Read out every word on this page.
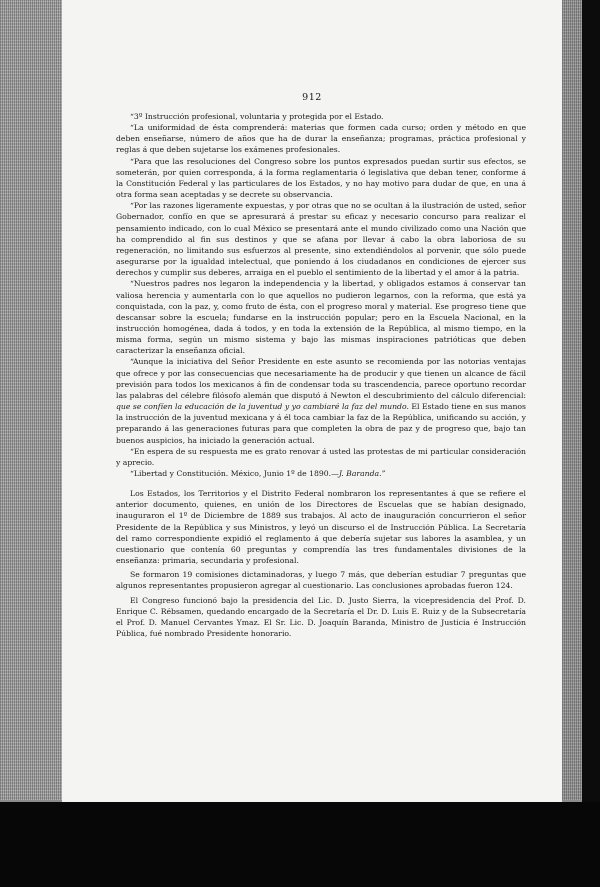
912

“3º Instrucción profesional, voluntaria y protegida por el Estado.

“La uniformidad de ésta comprenderá: materias que formen cada curso; orden y método en que deben enseñarse, número de años que ha de durar la enseñanza; programas, práctica profesional y reglas á que deben sujetarse los exámenes profesionales.

“Para que las resoluciones del Congreso sobre los puntos expresados puedan surtir sus efectos, se someterán, por quien corresponda, á la forma reglamentaria ó legislativa que deban tener, conforme á la Constitución Federal y las particulares de los Estados, y no hay motivo para dudar de que, en una á otra forma sean aceptadas y se decrete su observancia.

“Por las razones ligeramente expuestas, y por otras que no se ocultan á la ilustración de usted, señor Gobernador, confío en que se apresurará á prestar su eficaz y necesario concurso para realizar el pensamiento indicado, con lo cual México se presentará ante el mundo civilizado como una Nación que ha comprendido al fin sus destinos y que se afana por llevar á cabo la obra laboriosa de su regeneración, no limitando sus esfuerzos al presente, sino extendiéndolos al porvenir, que sólo puede asegurarse por la igualdad intelectual, que poniendo á los ciudadanos en condiciones de ejercer sus derechos y cumplir sus deberes, arraiga en el pueblo el sentimiento de la libertad y el amor á la patria.

“Nuestros padres nos legaron la independencia y la libertad, y obligados estamos á conservar tan valiosa herencia y aumentarla con lo que aquellos no pudieron legarnos, con la reforma, que está ya conquistada, con la paz, y, como fruto de ésta, con el progreso moral y material. Ese progreso tiene que descansar sobre la escuela; fundarse en la instrucción popular; pero en la Escuela Nacional, en la instrucción homogénea, dada á todos, y en toda la extensión de la República, al mismo tiempo, en la misma forma, según un mismo sistema y bajo las mismas inspiraciones patrióticas que deben caracterizar la enseñanza oficial.

“Aunque la iniciativa del Señor Presidente en este asunto se recomienda por las notorias ventajas que ofrece y por las consecuencias que necesariamente ha de producir y que tienen un alcance de fácil previsión para todos los mexicanos á fin de condensar toda su trascendencia, parece oportuno recordar las palabras del célebre filósofo alemán que disputó á Newton el descubrimiento del cálculo diferencial: que se confíen la educación de la juventud y yo cambiaré la faz del mundo. El Estado tiene en sus manos la instrucción de la juventud mexicana y á él toca cambiar la faz de la República, unificando su acción, y preparando á las generaciones futuras para que completen la obra de paz y de progreso que, bajo tan buenos auspicios, ha iniciado la generación actual.

“En espera de su respuesta me es grato renovar á usted las protestas de mi particular consideración y aprecio.

“Libertad y Constitución. México, Junio 1º de 1890.—J. Baranda.”

Los Estados, los Territorios y el Distrito Federal nombraron los representantes á que se refiere el anterior documento, quienes, en unión de los Directores de Escuelas que se habían designado, inauguraron el 1º de Diciembre de 1889 sus trabajos. Al acto de inauguración concurrieron el señor Presidente de la República y sus Ministros, y leyó un discurso el de Instrucción Pública. La Secretaría del ramo correspondiente expidió el reglamento á que debería sujetar sus labores la asamblea, y un cuestionario que contenía 60 preguntas y comprendía las tres fundamentales divisiones de la enseñanza: primaria, secundaria y profesional.

Se formaron 19 comisiones dictaminadoras, y luego 7 más, que deberían estudiar 7 preguntas que algunos representantes propusieron agregar al cuestionario. Las conclusiones aprobadas fueron 124.

El Congreso funcionó bajo la presidencia del Lic. D. Justo Sierra, la vicepresidencia del Prof. D. Enrique C. Rébsamen, quedando encargado de la Secretaría el Dr. D. Luis E. Ruiz y de la Subsecretaría el Prof. D. Manuel Cervantes Ymaz. El Sr. Lic. D. Joaquín Baranda, Ministro de Justicia é Instrucción Pública, fué nombrado Presidente honorario.
